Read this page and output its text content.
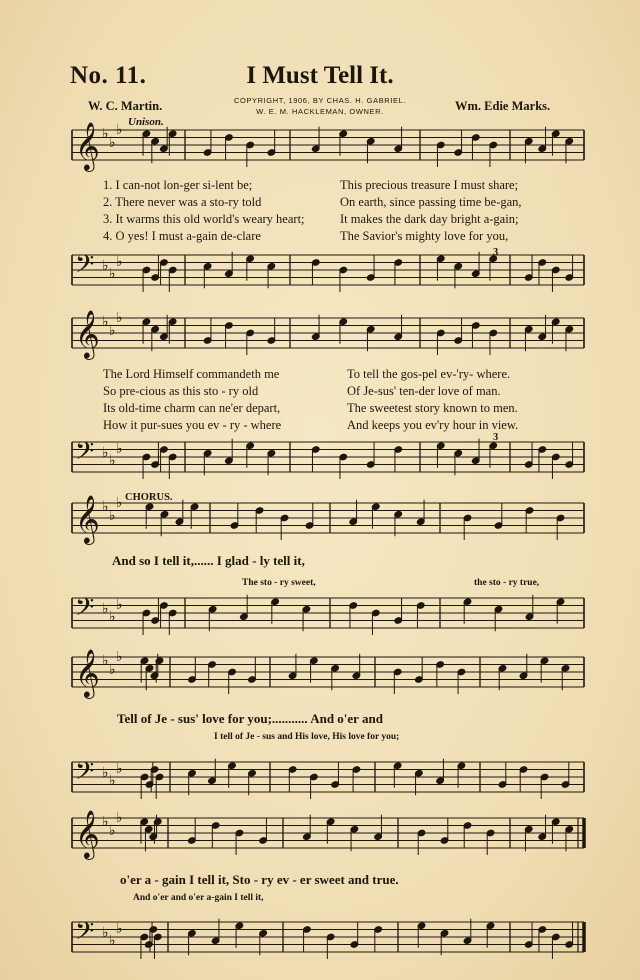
No. 11.	I Must Tell It.
W. C. Martin.	COPYRIGHT, 1906, BY CHAS. H. GABRIEL.
W. E. M. HACKLEMAN, OWNER.	Wm. Edie Marks.
𝄞 ♭
♭
♭
𝄢 ♭ ♭
♭
𝄞 ♭
♭
♭
𝄢 ♭ ♭
♭
𝄞 ♭
♭
♭
𝄢 ♭ ♭
♭
𝄞 ♭
♭
♭
𝄢 ♭ ♭
♭
𝄞 ♭
♭
♭
𝄢 ♭ ♭
♭
Unison.
1. I can-not lon-ger si-lent be;
2. There never was a sto-ry told
3. It warms this old world's weary heart;
4. O yes! I must a-gain de-clare
This precious treasure I must share;
On earth, since passing time be-gan,
It makes the dark day bright a-gain;
The Savior's mighty love for you,
The Lord Himself commandeth me
So pre-cious as this sto - ry old
Its old-time charm can ne'er depart,
How it pur-sues you ev - ry - where
To tell the gos-pel ev-'ry- where.
Of Je-sus' ten-der love of man.
The sweetest story known to men.
And keeps you ev'ry hour in view.
3
3
CHORUS.
And so I tell it,...... I glad - ly tell it,
The sto - ry sweet,	the sto - ry true,
Tell of Je - sus' love for you;........... And o'er and
I tell of Je - sus and His love, His love for you;
o'er a - gain I tell it, Sto - ry ev - er sweet and true.
And o'er and o'er a-gain I tell it,
